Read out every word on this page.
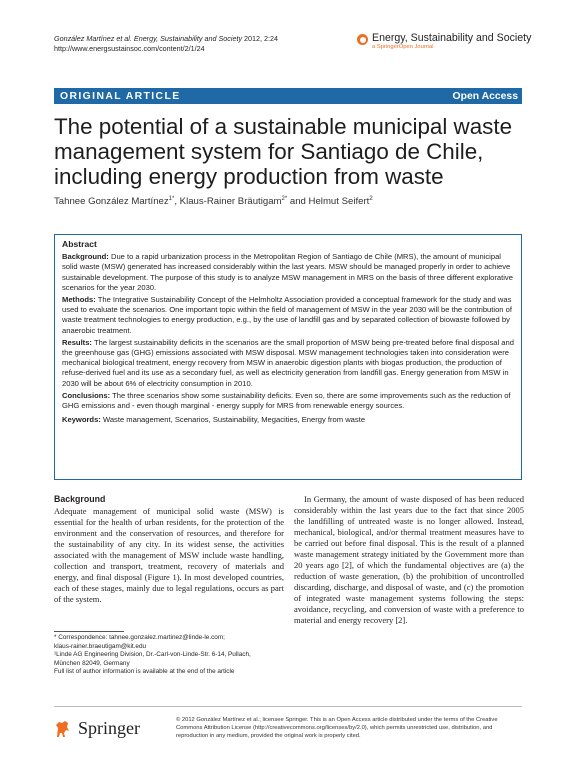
González Martínez et al. Energy, Sustainability and Society 2012, 2:24
http://www.energsustainsoc.com/content/2/1/24
Energy, Sustainability and Society
a SpringerOpen Journal
ORIGINAL ARTICLE	Open Access
The potential of a sustainable municipal waste management system for Santiago de Chile, including energy production from waste
Tahnee González Martínez$^{1*}$, Klaus-Rainer Bräutigam$^{2*}$ and Helmut Seifert$^2$
Abstract

Background: Due to a rapid urbanization process in the Metropolitan Region of Santiago de Chile (MRS), the amount of municipal solid waste (MSW) generated has increased considerably within the last years. MSW should be managed properly in order to achieve sustainable development. The purpose of this study is to analyze MSW management in MRS on the basis of three different explorative scenarios for the year 2030.

Methods: The Integrative Sustainability Concept of the Helmholtz Association provided a conceptual framework for the study and was used to evaluate the scenarios. One important topic within the field of management of MSW in the year 2030 will be the contribution of waste treatment technologies to energy production, e.g., by the use of landfill gas and by separated collection of biowaste followed by anaerobic treatment.

Results: The largest sustainability deficits in the scenarios are the small proportion of MSW being pre-treated before final disposal and the greenhouse gas (GHG) emissions associated with MSW disposal. MSW management technologies taken into consideration were mechanical biological treatment, energy recovery from MSW in anaerobic digestion plants with biogas production, the production of refuse-derived fuel and its use as a secondary fuel, as well as electricity generation from landfill gas. Energy generation from MSW in 2030 will be about 6% of electricity consumption in 2010.

Conclusions: The three scenarios show some sustainability deficits. Even so, there are some improvements such as the reduction of GHG emissions and - even though marginal - energy supply for MRS from renewable energy sources.

Keywords: Waste management, Scenarios, Sustainability, Megacities, Energy from waste

Background

Adequate management of municipal solid waste (MSW) is essential for the health of urban residents, for the protection of the environment and the conservation of resources, and therefore for the sustainability of any city. In its widest sense, the activities associated with the management of MSW include waste handling, collection and transport, treatment, recovery of materials and energy, and final disposal (Figure 1). In most developed countries, each of these stages, mainly due to legal regulations, occurs as part of the system.

In Germany, the amount of waste disposed of has been reduced considerably within the last years due to the fact that since 2005 the landfilling of untreated waste is no longer allowed. Instead, mechanical, biological, and/or thermal treatment measures have to be carried out before final disposal. This is the result of a planned waste management strategy initiated by the Government more than 20 years ago [2], of which the fundamental objectives are (a) the reduction of waste generation, (b) the prohibition of uncontrolled discarding, discharge, and disposal of waste, and (c) the promotion of integrated waste management systems following the steps: avoidance, recycling, and conversion of waste with a preference to material and energy recovery [2].

* Correspondence: tahnee.gonzalez.martinez@linde-le.com;
klaus-rainer.braeutigam@kit.edu
¹Linde AG Engineering Division, Dr.-Carl-von-Linde-Str. 6-14, Pullach,
München 82049, Germany
Full list of author information is available at the end of the article
Springer	© 2012 González Martínez et al.; licensee Springer. This is an Open Access article distributed under the terms of the Creative Commons Attribution License (http://creativecommons.org/licenses/by/2.0), which permits unrestricted use, distribution, and reproduction in any medium, provided the original work is properly cited.
